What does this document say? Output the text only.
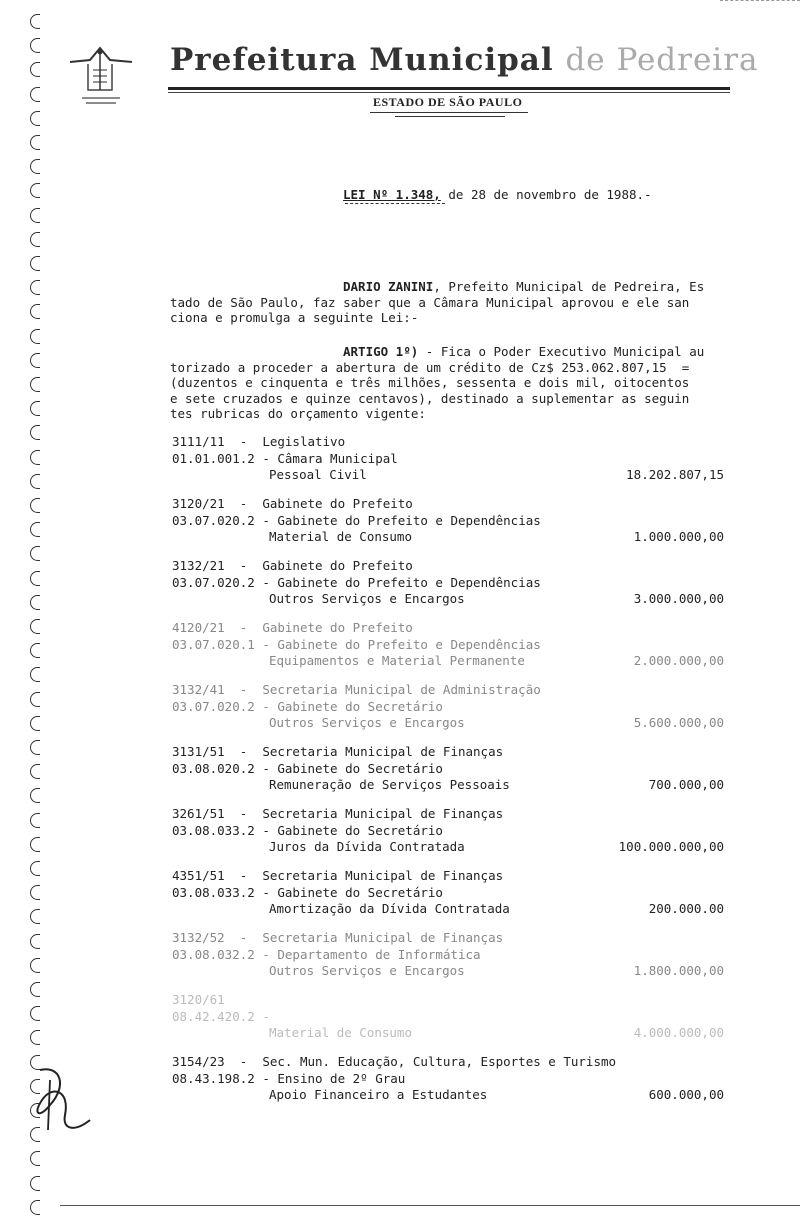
Prefeitura Municipal de Pedreira
ESTADO DE SÃO PAULO
LEI Nº 1.348, de 28 de novembro de 1988.-
DARIO ZANINI, Prefeito Municipal de Pedreira, Es
tado de São Paulo, faz saber que a Câmara Municipal aprovou e ele san
ciona e promulga a seguinte Lei:-
ARTIGO 1º) - Fica o Poder Executivo Municipal au
torizado a proceder a abertura de um crédito de Cz$ 253.062.807,15  =
(duzentos e cinquenta e três milhões, sessenta e dois mil, oitocentos
e sete cruzados e quinze centavos), destinado a suplementar as seguin
tes rubricas do orçamento vigente:
3111/11  -  Legislativo
01.01.001.2 - Câmara Municipal
Pessoal Civil	18.202.807,15
3120/21  -  Gabinete do Prefeito
03.07.020.2 - Gabinete do Prefeito e Dependências
Material de Consumo	1.000.000,00
3132/21  -  Gabinete do Prefeito
03.07.020.2 - Gabinete do Prefeito e Dependências
Outros Serviços e Encargos	3.000.000,00
4120/21  -  Gabinete do Prefeito
03.07.020.1 - Gabinete do Prefeito e Dependências
Equipamentos e Material Permanente	2.000.000,00
3132/41  -  Secretaria Municipal de Administração
03.07.020.2 - Gabinete do Secretário
Outros Serviços e Encargos	5.600.000,00
3131/51  -  Secretaria Municipal de Finanças
03.08.020.2 - Gabinete do Secretário
Remuneração de Serviços Pessoais	700.000,00
3261/51  -  Secretaria Municipal de Finanças
03.08.033.2 - Gabinete do Secretário
Juros da Dívida Contratada	100.000.000,00
4351/51  -  Secretaria Municipal de Finanças
03.08.033.2 - Gabinete do Secretário
Amortização da Dívida Contratada	200.000.00
3132/52  -  Secretaria Municipal de Finanças
03.08.032.2 - Departamento de Informática
Outros Serviços e Encargos	1.800.000,00
3120/61
08.42.420.2 -
Material de Consumo	4.000.000,00
3154/23  -  Sec. Mun. Educação, Cultura, Esportes e Turismo
08.43.198.2 - Ensino de 2º Grau
Apoio Financeiro a Estudantes	600.000,00
